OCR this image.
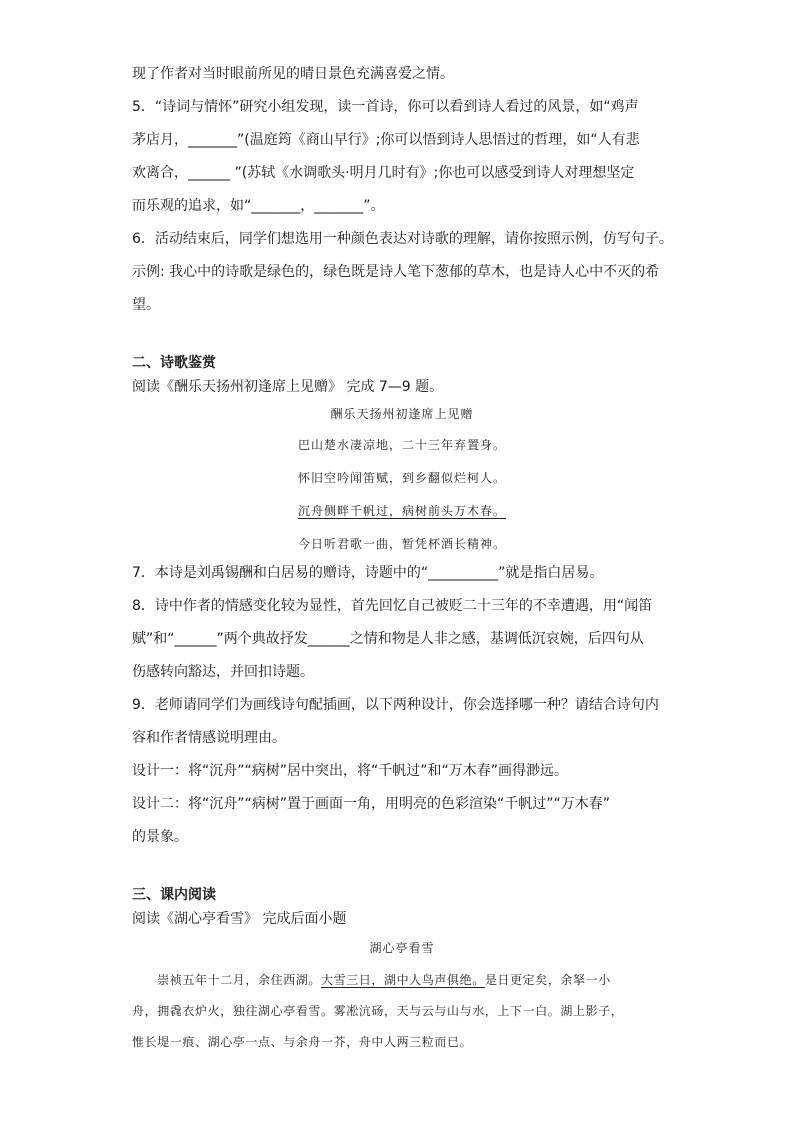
现了作者对当时眼前所见的晴日景色充满喜爱之情。
5．“诗词与情怀”研究小组发现，读一首诗，你可以看到诗人看过的风景，如“鸡声
茅店月，_______”(温庭筠《商山早行》;你可以悟到诗人思悟过的哲理，如“人有悲
欢离合，______ ”(苏轼《水调歌头·明月几时有》;你也可以感受到诗人对理想坚定
而乐观的追求，如“_______，_______”。
6．活动结束后，同学们想选用一种颜色表达对诗歌的理解，请你按照示例，仿写句子。
示例: 我心中的诗歌是绿色的，绿色既是诗人笔下葱郁的草木，也是诗人心中不灭的希
望。
二、诗歌鉴赏
阅读《酬乐天扬州初逢席上见赠》 完成 7—9 题。
酬乐天扬州初逢席上见赠
巴山楚水凄凉地，二十三年弃置身。
怀旧空吟闻笛赋，到乡翻似烂柯人。
沉舟侧畔千帆过，病树前头万木春。
今日听君歌一曲，暂凭杯酒长精神。
7．本诗是刘禹锡酬和白居易的赠诗，诗题中的“__________”就是指白居易。
8．诗中作者的情感变化较为显性，首先回忆自己被贬二十三年的不幸遭遇，用“闻笛
赋”和“______”两个典故抒发______之情和物是人非之感，基调低沉哀婉，后四句从
伤感转向豁达，并回扣诗题。
9．老师请同学们为画线诗句配插画，以下两种设计，你会选择哪一种？请结合诗句内
容和作者情感说明理由。
设计一：将“沉舟”“病树”居中突出，将“千帆过”和“万木春”画得渺远。
设计二：将“沉舟”“病树”置于画面一角，用明亮的色彩渲染“千帆过”“万木春”
的景象。
三、课内阅读
阅读《湖心亭看雪》 完成后面小题
湖心亭看雪
　　崇祯五年十二月，余住西湖。大雪三日，湖中人鸟声俱绝。是日更定矣，余拏一小
舟，拥毳衣炉火，独往湖心亭看雪。雾凇沆砀，天与云与山与水，上下一白。湖上影子，
惟长堤一痕、湖心亭一点、与余舟一芥，舟中人两三粒而已。
